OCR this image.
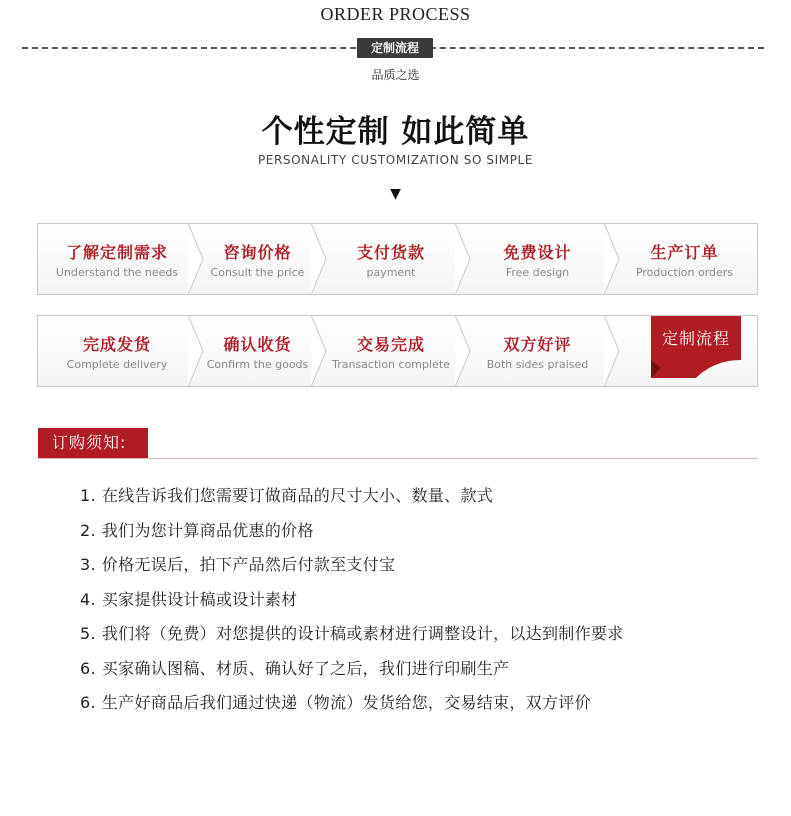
ORDER PROCESS
定制流程
品质之选
个性定制 如此简单
PERSONALITY CUSTOMIZATION SO SIMPLE
▼
了解定制需求
Understand the needs
咨询价格
Consult the price
支付货款
payment
免费设计
Free design
生产订单
Production orders
完成发货
Complete delivery
确认收货
Confirm the goods
交易完成
Transaction complete
双方好评
Both sides praised
定制流程
订购须知:
1. 在线告诉我们您需要订做商品的尺寸大小、数量、款式
2. 我们为您计算商品优惠的价格
3. 价格无误后，拍下产品然后付款至支付宝
4. 买家提供设计稿或设计素材
5. 我们将（免费）对您提供的设计稿或素材进行调整设计，以达到制作要求
6. 买家确认图稿、材质、确认好了之后，我们进行印刷生产
6. 生产好商品后我们通过快递（物流）发货给您，交易结束，双方评价
